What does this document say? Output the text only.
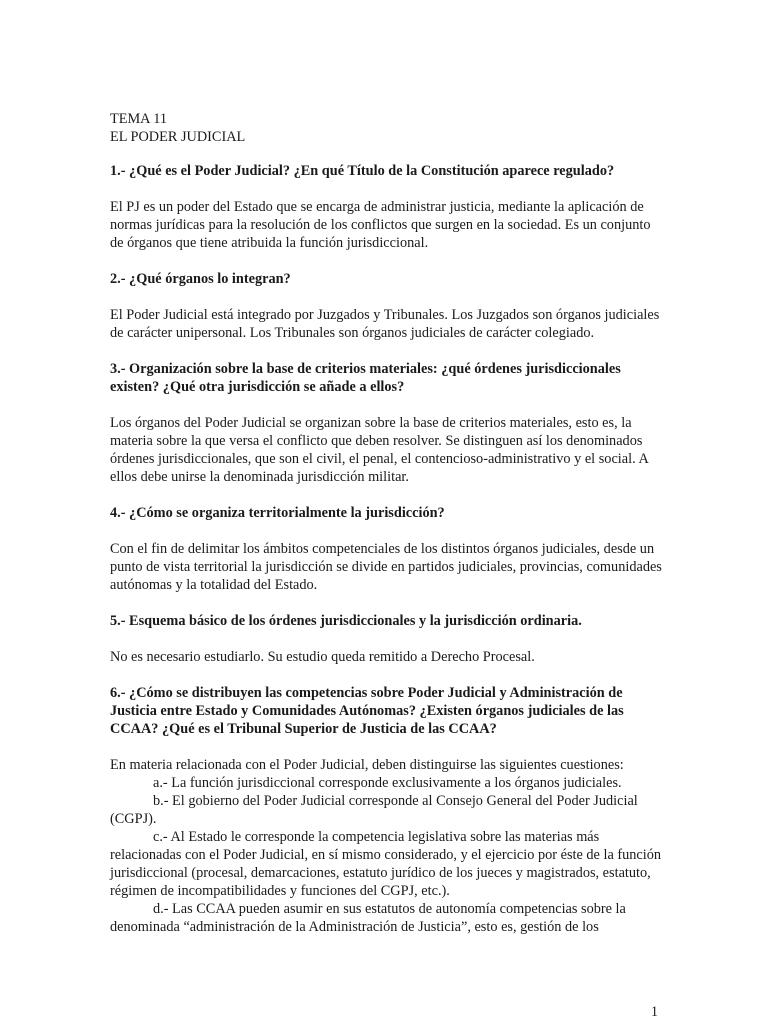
TEMA 11

EL PODER JUDICIAL

1.- ¿Qué es el Poder Judicial? ¿En qué Título de la Constitución aparece regulado?

El PJ es un poder del Estado que se encarga de administrar justicia, mediante la aplicación de normas jurídicas para la resolución de los conflictos que surgen en la sociedad. Es un conjunto de órganos que tiene atribuida la función jurisdiccional.

2.- ¿Qué órganos lo integran?

El Poder Judicial está integrado por Juzgados y Tribunales. Los Juzgados son órganos judiciales de carácter unipersonal. Los Tribunales son órganos judiciales de carácter colegiado.

3.- Organización sobre la base de criterios materiales: ¿qué órdenes jurisdiccionales existen? ¿Qué otra jurisdicción se añade a ellos?

Los órganos del Poder Judicial se organizan sobre la base de criterios materiales, esto es, la materia sobre la que versa el conflicto que deben resolver. Se distinguen así los denominados órdenes jurisdiccionales, que son el civil, el penal, el contencioso-administrativo y el social. A ellos debe unirse la denominada jurisdicción militar.

4.- ¿Cómo se organiza territorialmente la jurisdicción?

Con el fin de delimitar los ámbitos competenciales de los distintos órganos judiciales, desde un punto de vista territorial la jurisdicción se divide en partidos judiciales, provincias, comunidades autónomas y la totalidad del Estado.

5.- Esquema básico de los órdenes jurisdiccionales y la jurisdicción ordinaria.

No es necesario estudiarlo. Su estudio queda remitido a Derecho Procesal.

6.- ¿Cómo se distribuyen las competencias sobre Poder Judicial y Administración de Justicia entre Estado y Comunidades Autónomas? ¿Existen órganos judiciales de las CCAA? ¿Qué es el Tribunal Superior de Justicia de las CCAA?

En materia relacionada con el Poder Judicial, deben distinguirse las siguientes cuestiones:

a.- La función jurisdiccional corresponde exclusivamente a los órganos judiciales.

b.- El gobierno del Poder Judicial corresponde al Consejo General del Poder Judicial (CGPJ).

c.- Al Estado le corresponde la competencia legislativa sobre las materias más relacionadas con el Poder Judicial, en sí mismo considerado, y el ejercicio por éste de la función jurisdiccional (procesal, demarcaciones, estatuto jurídico de los jueces y magistrados, estatuto, régimen de incompatibilidades y funciones del CGPJ, etc.).

d.- Las CCAA pueden asumir en sus estatutos de autonomía competencias sobre la denominada “administración de la Administración de Justicia”, esto es, gestión de los

1
